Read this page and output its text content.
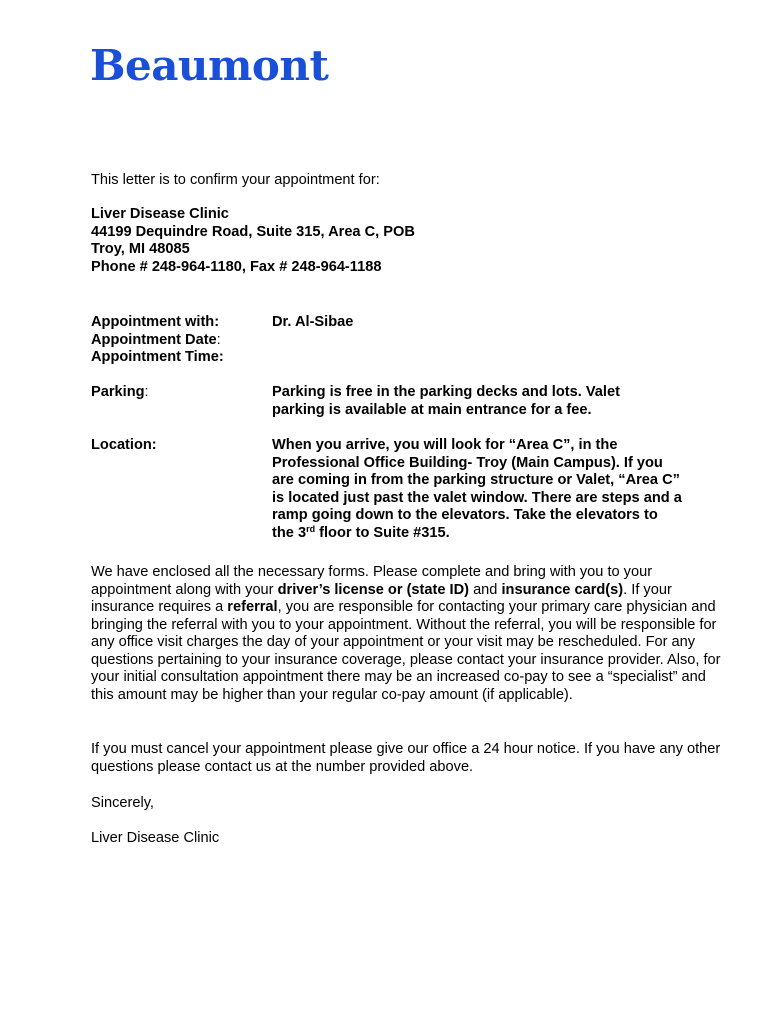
Beaumont
This letter is to confirm your appointment for:
Liver Disease Clinic
44199 Dequindre Road, Suite 315, Area C, POB
Troy, MI 48085
Phone # 248-964-1180, Fax # 248-964-1188
Appointment with:	Dr. Al-Sibae
Appointment Date:
Appointment Time:
Parking:	Parking is free in the parking decks and lots. Valet parking is available at main entrance for a fee.
Location:	When you arrive, you will look for “Area C”, in the Professional Office Building- Troy (Main Campus). If you are coming in from the parking structure or Valet, “Area C” is located just past the valet window. There are steps and a ramp going down to the elevators. Take the elevators to the 3rd floor to Suite #315.
We have enclosed all the necessary forms. Please complete and bring with you to your appointment along with your driver’s license or (state ID) and insurance card(s). If your insurance requires a referral, you are responsible for contacting your primary care physician and bringing the referral with you to your appointment. Without the referral, you will be responsible for any office visit charges the day of your appointment or your visit may be rescheduled. For any questions pertaining to your insurance coverage, please contact your insurance provider. Also, for your initial consultation appointment there may be an increased co-pay to see a “specialist” and this amount may be higher than your regular co-pay amount (if applicable).
If you must cancel your appointment please give our office a 24 hour notice. If you have any other questions please contact us at the number provided above.
Sincerely,
Liver Disease Clinic
